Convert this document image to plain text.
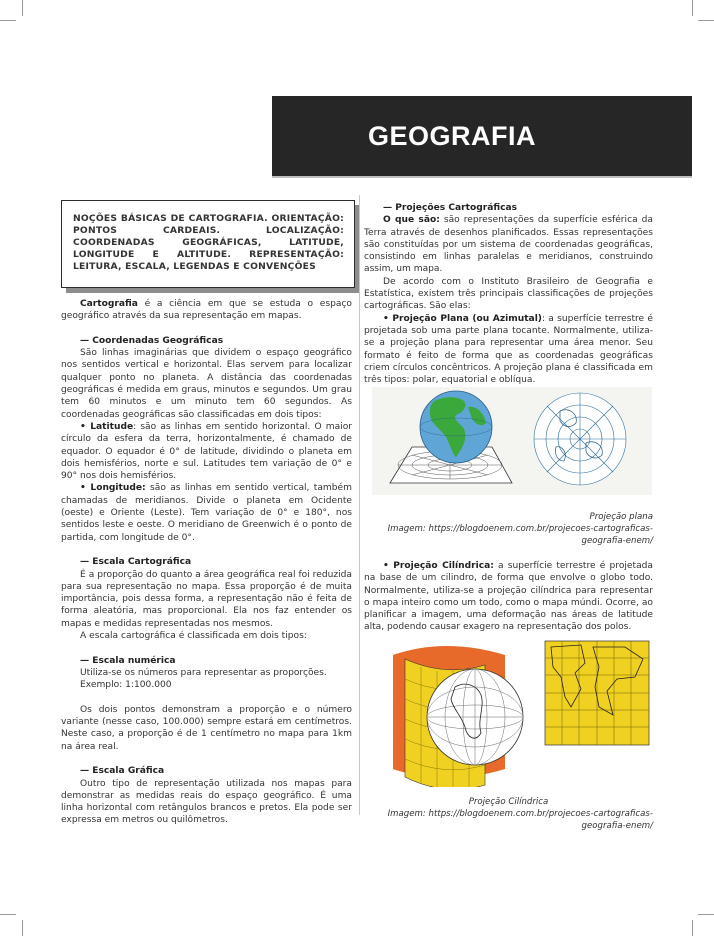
GEOGRAFIA

NOÇÕES BÁSICAS DE CARTOGRAFIA. ORIENTAÇÃO: PONTOS CARDEAIS. LOCALIZAÇÃO: COORDENADAS GEOGRÁFICAS, LATITUDE, LONGITUDE E ALTITUDE. REPRESENTAÇÃO: LEITURA, ESCALA, LEGENDAS E CONVENÇÕES

Cartografia é a ciência em que se estuda o espaço geográfico através da sua representação em mapas.

— Coordenadas Geográficas

São linhas imaginárias que dividem o espaço geográfico nos sentidos vertical e horizontal. Elas servem para localizar qualquer ponto no planeta. A distância das coordenadas geográficas é medida em graus, minutos e segundos. Um grau tem 60 minutos e um minuto tem 60 segundos. As coordenadas geográficas são classificadas em dois tipos:

• Latitude: são as linhas em sentido horizontal. O maior círculo da esfera da terra, horizontalmente, é chamado de equador. O equador é 0° de latitude, dividindo o planeta em dois hemisférios, norte e sul. Latitudes tem variação de 0° e 90° nos dois hemisférios.

• Longitude: são as linhas em sentido vertical, também chamadas de meridianos. Divide o planeta em Ocidente (oeste) e Oriente (Leste). Tem variação de 0° e 180°, nos sentidos leste e oeste. O meridiano de Greenwich é o ponto de partida, com longitude de 0°.

— Escala Cartográfica

É a proporção do quanto a área geográfica real foi reduzida para sua representação no mapa. Essa proporção é de muita importância, pois dessa forma, a representação não é feita de forma aleatória, mas proporcional. Ela nos faz entender os mapas e medidas representadas nos mesmos.

A escala cartográfica é classificada em dois tipos:

— Escala numérica

Utiliza-se os números para representar as proporções.

Exemplo: 1:100.000

Os dois pontos demonstram a proporção e o número variante (nesse caso, 100.000) sempre estará em centímetros. Neste caso, a proporção é de 1 centímetro no mapa para 1km na área real.

— Escala Gráfica

Outro tipo de representação utilizada nos mapas para demonstrar as medidas reais do espaço geográfico. É uma linha horizontal com retângulos brancos e pretos. Ela pode ser expressa em metros ou quilômetros.

— Projeções Cartográficas

O que são: são representações da superfície esférica da Terra através de desenhos planificados. Essas representações são constituídas por um sistema de coordenadas geográficas, consistindo em linhas paralelas e meridianos, construindo assim, um mapa.

De acordo com o Instituto Brasileiro de Geografia e Estatística, existem três principais classificações de projeções cartográficas. São elas:

• Projeção Plana (ou Azimutal): a superfície terrestre é projetada sob uma parte plana tocante. Normalmente, utiliza-se a projeção plana para representar uma área menor. Seu formato é feito de forma que as coordenadas geográficas criem círculos concêntricos. A projeção plana é classificada em três tipos: polar, equatorial e oblíqua.

Projeção plana
Imagem: https://blogdoenem.com.br/projecoes-cartograficas-geografia-enem/

• Projeção Cilíndrica: a superfície terrestre é projetada na base de um cilindro, de forma que envolve o globo todo. Normalmente, utiliza-se a projeção cilíndrica para representar o mapa inteiro como um todo, como o mapa múndi. Ocorre, ao planificar a imagem, uma deformação nas áreas de latitude alta, podendo causar exagero na representação dos polos.

Projeção Cilíndrica
Imagem: https://blogdoenem.com.br/projecoes-cartograficas-geografia-enem/
